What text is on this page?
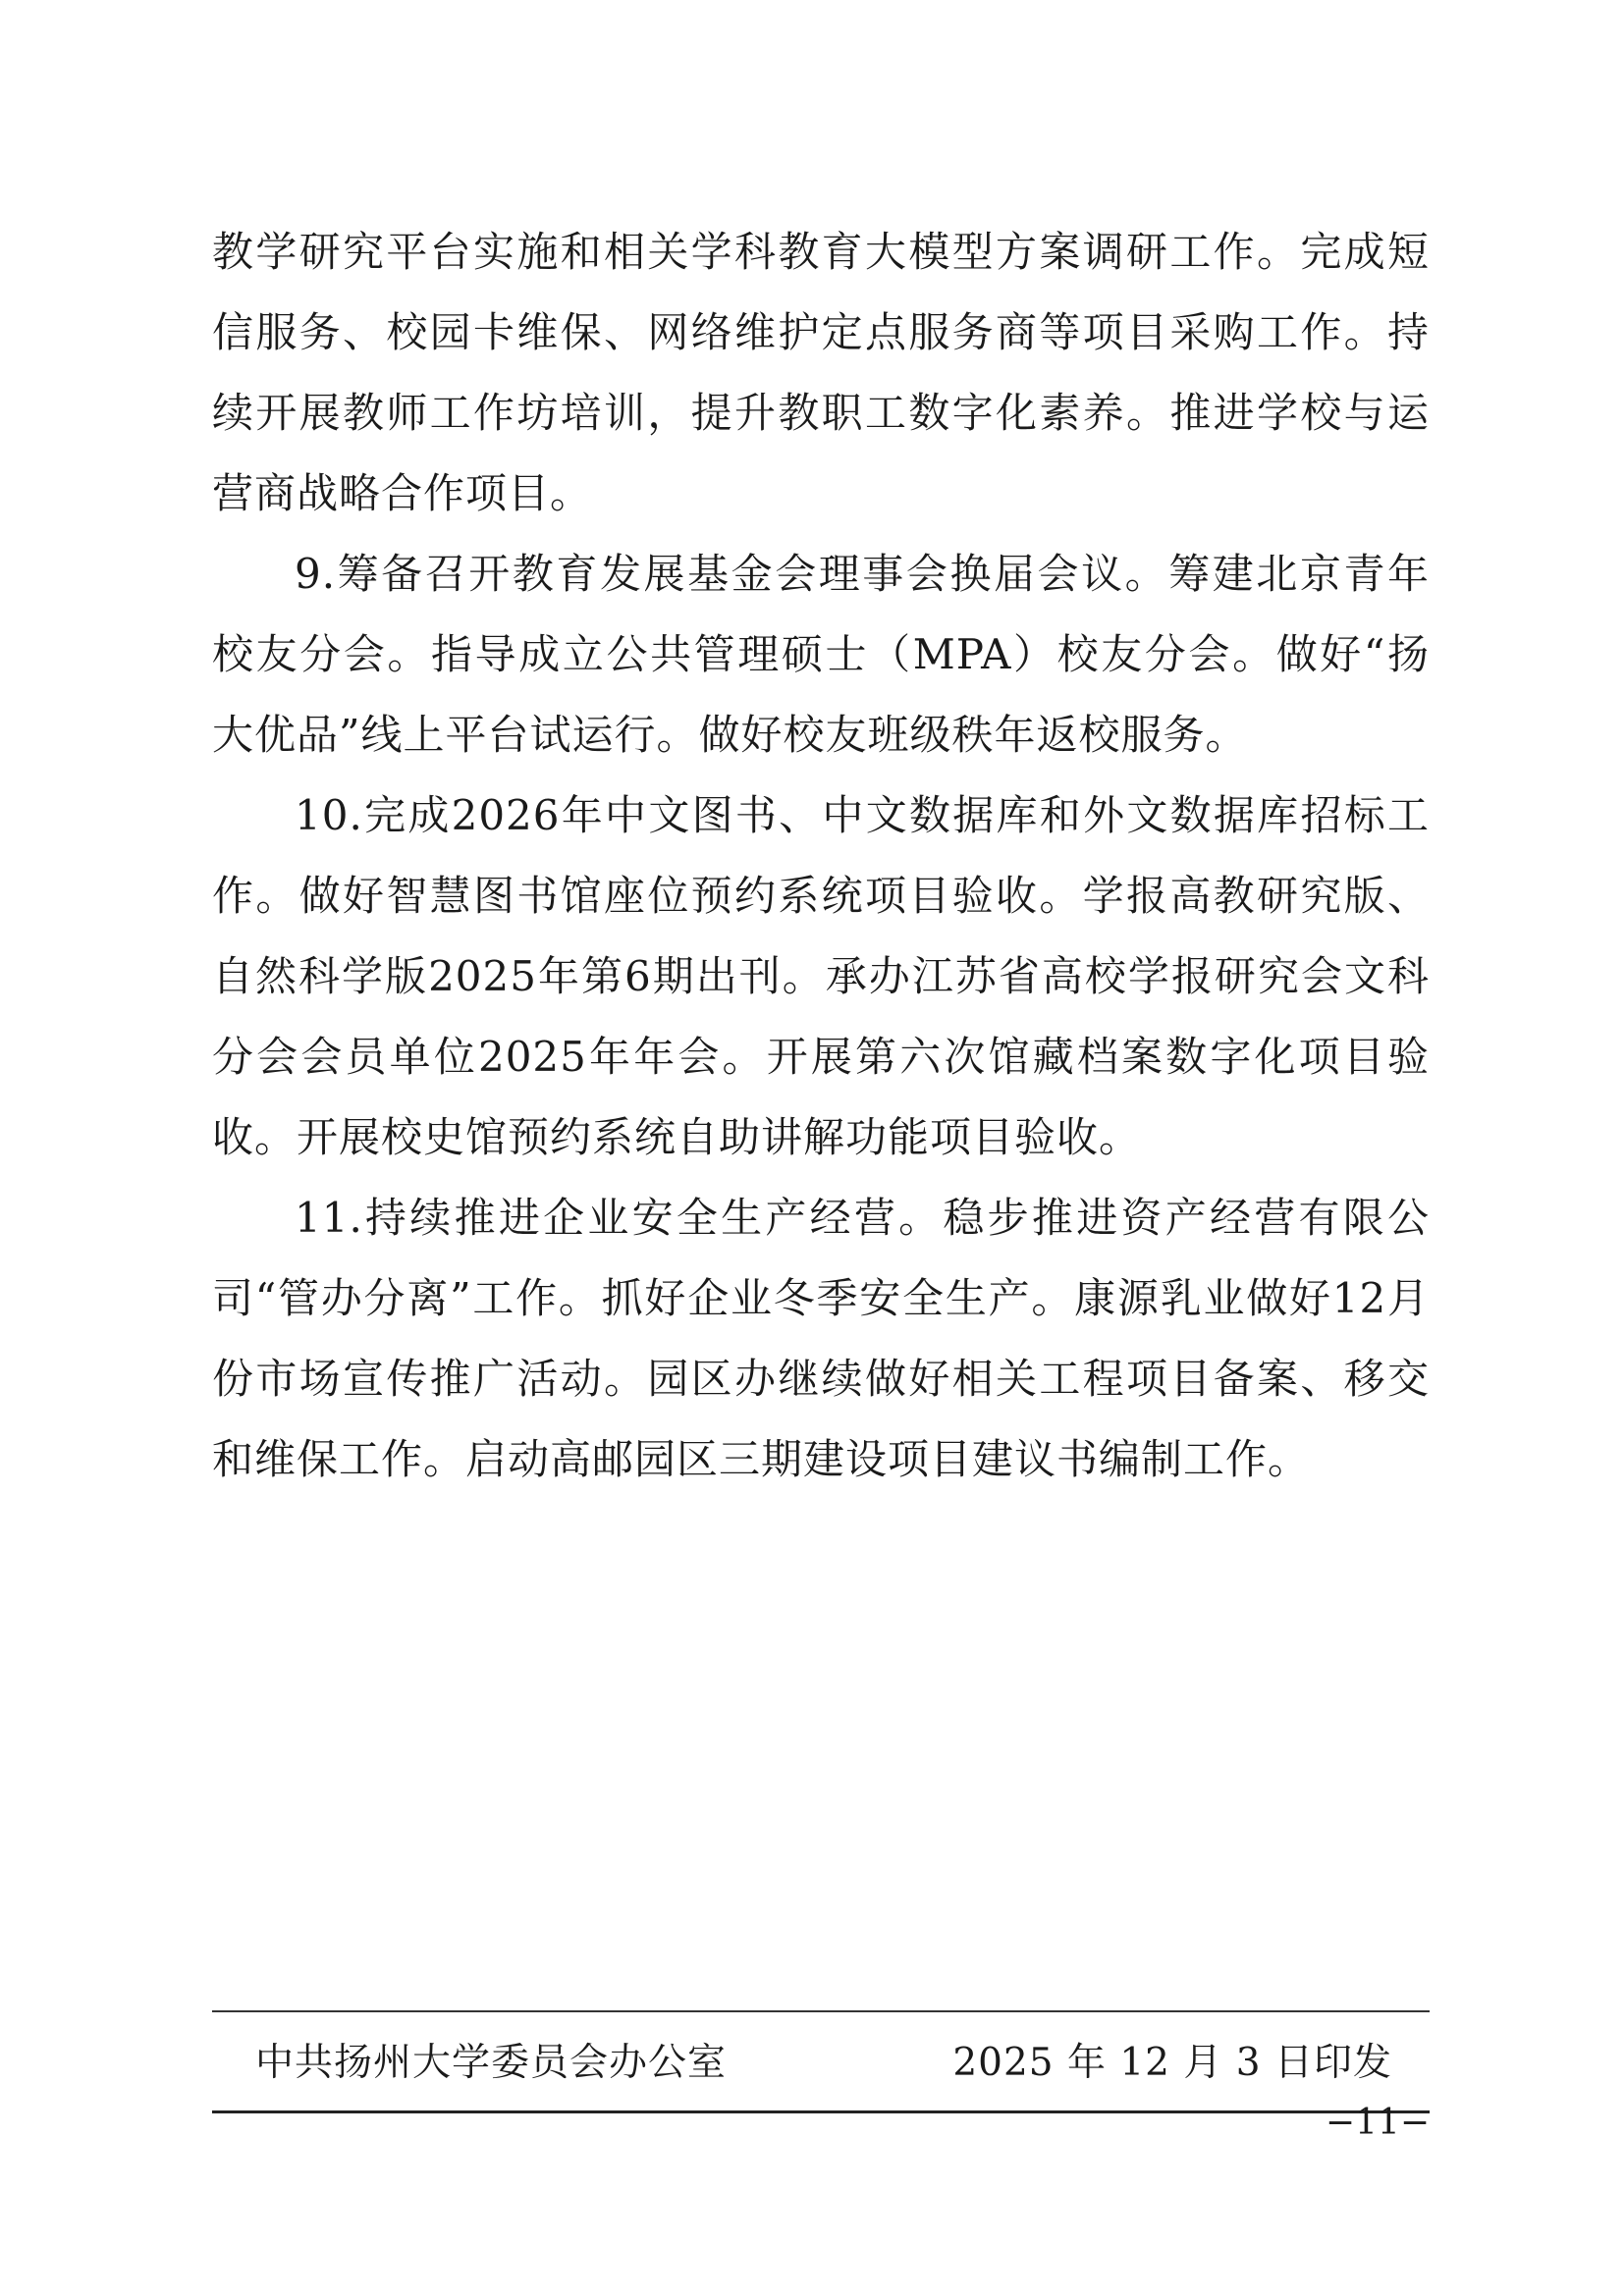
教学研究平台实施和相关学科教育大模型方案调研工作。完成短信服务、校园卡维保、网络维护定点服务商等项目采购工作。持续开展教师工作坊培训，提升教职工数字化素养。推进学校与运营商战略合作项目。

9.筹备召开教育发展基金会理事会换届会议。筹建北京青年校友分会。指导成立公共管理硕士（MPA）校友分会。做好“扬大优品”线上平台试运行。做好校友班级秩年返校服务。

10.完成2026年中文图书、中文数据库和外文数据库招标工作。做好智慧图书馆座位预约系统项目验收。学报高教研究版、自然科学版2025年第6期出刊。承办江苏省高校学报研究会文科分会会员单位2025年年会。开展第六次馆藏档案数字化项目验收。开展校史馆预约系统自助讲解功能项目验收。

11.持续推进企业安全生产经营。稳步推进资产经营有限公司“管办分离”工作。抓好企业冬季安全生产。康源乳业做好12月份市场宣传推广活动。园区办继续做好相关工程项目备案、移交和维保工作。启动高邮园区三期建设项目建议书编制工作。

中共扬州大学委员会办公室	2025 年 12 月 3 日印发
−11−
